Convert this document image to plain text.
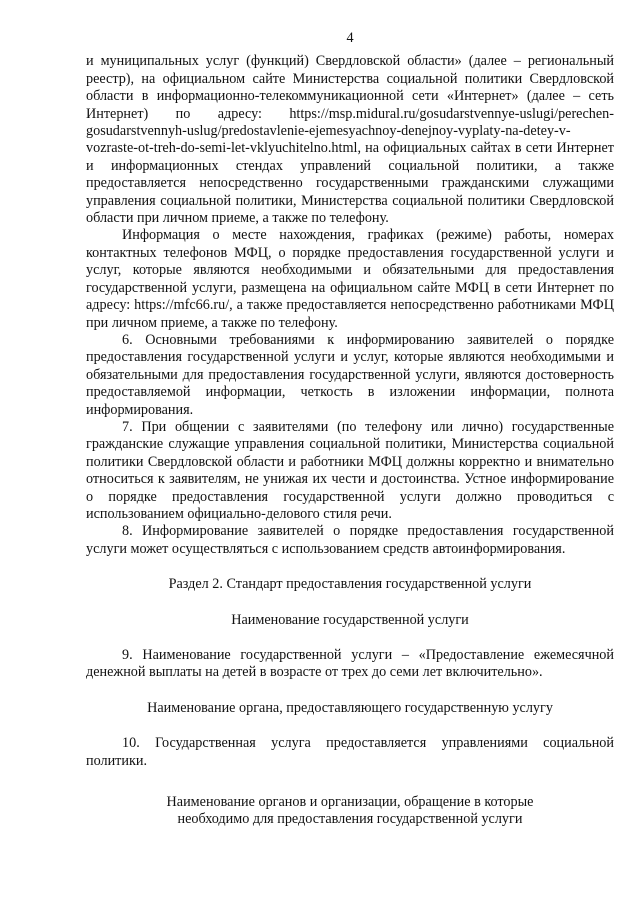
4

и муниципальных услуг (функций) Свердловской области» (далее – региональный реестр), на официальном сайте Министерства социальной политики Свердловской области в информационно-телекоммуникационной сети «Интернет» (далее – сеть Интернет) по адресу: https://msp.midural.ru/gosudarstvennye-uslugi/perechen-gosudarstvennyh-uslug/predostavlenie-ejemesyachnoy-denejnoy-vyplaty-na-detey-v-vozraste-ot-treh-do-semi-let-vklyuchitelno.html, на официальных сайтах в сети Интернет и информационных стендах управлений социальной политики, а также предоставляется непосредственно государственными гражданскими служащими управления социальной политики, Министерства социальной политики Свердловской области при личном приеме, а также по телефону.

Информация о месте нахождения, графиках (режиме) работы, номерах контактных телефонов МФЦ, о порядке предоставления государственной услуги и услуг, которые являются необходимыми и обязательными для предоставления государственной услуги, размещена на официальном сайте МФЦ в сети Интернет по адресу: https://mfc66.ru/, а также предоставляется непосредственно работниками МФЦ при личном приеме, а также по телефону.

6. Основными требованиями к информированию заявителей о порядке предоставления государственной услуги и услуг, которые являются необходимыми и обязательными для предоставления государственной услуги, являются достоверность предоставляемой информации, четкость в изложении информации, полнота информирования.

7. При общении с заявителями (по телефону или лично) государственные гражданские служащие управления социальной политики, Министерства социальной политики Свердловской области и работники МФЦ должны корректно и внимательно относиться к заявителям, не унижая их чести и достоинства. Устное информирование о порядке предоставления государственной услуги должно проводиться с использованием официально-делового стиля речи.

8. Информирование заявителей о порядке предоставления государственной услуги может осуществляться с использованием средств автоинформирования.

Раздел 2. Стандарт предоставления государственной услуги

Наименование государственной услуги

9. Наименование государственной услуги – «Предоставление ежемесячной денежной выплаты на детей в возрасте от трех до семи лет включительно».

Наименование органа, предоставляющего государственную услугу

10. Государственная услуга предоставляется управлениями социальной политики.

Наименование органов и организации, обращение в которые

необходимо для предоставления государственной услуги
